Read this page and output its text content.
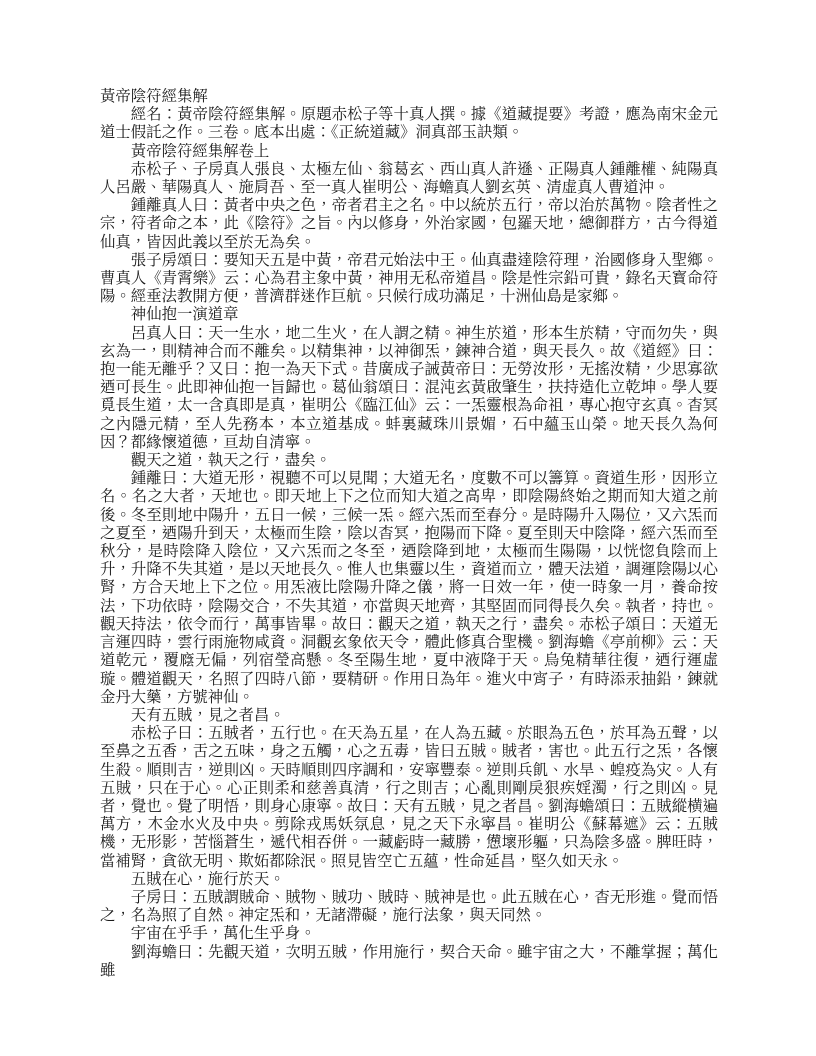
黃帝陰符經集解

經名：黃帝陰符經集解。原題赤松子等十真人撰。據《道藏提要》考證，應為南宋金元道士假託之作。三卷。底本出處：《正統道藏》洞真部玉訣類。

黃帝陰符經集解卷上

赤松子、子房真人張良、太極左仙、翁葛玄、西山真人許遜、正陽真人鍾離權、純陽真人呂嚴、華陽真人、施肩吾、至一真人崔明公、海蟾真人劉玄英、清虚真人曹道沖。

鍾離真人曰：黃者中央之色，帝者君主之名。中以統於五行，帝以治於萬物。陰者性之宗，符者命之本，此《陰符》之旨。內以修身，外治家國，包羅天地，總御群方，古今得道仙真，皆因此義以至於无為矣。

張子房頌曰：要知天五是中黃，帝君元始法中王。仙真盡達陰符理，治國修身入聖鄉。曹真人《青霄樂》云：心為君主象中黃，神用无私帝道昌。陰是性宗鉛可貴，錄名天寳命符陽。經垂法教開方便，普濟群迷作巨航。只候行成功滿足，十洲仙島是家鄉。

神仙抱一演道章

呂真人曰：天一生水，地二生火，在人謂之精。神生於道，形本生於精，守而勿失，與玄為一，則精神合而不離矣。以精集神，以神御炁，鍊神合道，與天長久。故《道經》曰：抱一能无離乎？又曰：抱一為天下式。昔廣成子誡黃帝曰：无勞汝形，无搖汝精，少思寡欲迺可長生。此即神仙抱一旨歸也。葛仙翁頌曰：混沌玄黃啟肇生，扶持造化立乾坤。學人要覓長生道，太一含真即是真，崔明公《臨江仙》云：一炁靈根為命祖，專心抱守玄真。杳冥之內隱元精，至人先務本，本立道基成。蚌裏藏珠川景媚，石中蘊玉山榮。地天長久為何因？都緣懷道德，亘劫自清寧。

觀天之道，執天之行，盡矣。

鍾離曰：大道无形，視聽不可以見聞；大道无名，度數不可以籌算。資道生形，因形立名。名之大者，天地也。即天地上下之位而知大道之高卑，即陰陽終始之期而知大道之前後。冬至則地中陽升，五日一候，三候一炁。經六炁而至春分。是時陽升入陽位，又六炁而之夏至，迺陽升到天，太極而生陰，陰以杳冥，抱陽而下降。夏至則天中陰降，經六炁而至秋分，是時陰降入陰位，又六炁而之冬至，迺陰降到地，太極而生陽陽，以恍惚負陰而上升，升降不失其道，是以天地長久。惟人也集靈以生，資道而立，體天法道，調運陰陽以心腎，方合天地上下之位。用炁液比陰陽升降之儀，將一日效一年，使一時象一月，養命按法，下功依時，陰陽交合，不失其道，亦當與天地齊，其堅固而同得長久矣。執者，持也。觀天持法，依令而行，萬事皆畢。故曰：觀天之道，執天之行，盡矣。赤松子頌曰：天道无言運四時，雲行雨施物咸資。洞觀玄象依天令，體此修真合聖機。劉海蟾《亭前柳》云：天道乾元，覆廕无偏，列宿瑩高懸。冬至陽生地，夏中液降于天。烏兔精華往復，迺行運虛璇。體道觀天，名照了四時八節，要精研。作用日為年。進火中宵子，有時添汞抽鉛，鍊就金丹大藥，方號神仙。

天有五賊，見之者昌。

赤松子曰：五賊者，五行也。在天為五星，在人為五藏。於眼為五色，於耳為五聲，以至鼻之五香，舌之五味，身之五觸，心之五毒，皆曰五賊。賊者，害也。此五行之炁，各懷生殺。順則吉，逆則凶。天時順則四序調和，安寧豐泰。逆則兵飢、水旱、蝗疫為灾。人有五賊，只在于心。心正則柔和慈善真清，行之則吉；心亂則剛戾狠疾婬濁，行之則凶。見者，覺也。覺了明悟，則身心康寧。故曰：天有五賊，見之者昌。劉海蟾頌曰：五賊縱横遍萬方，木金水火及中央。剪除戎馬妖氛息，見之天下永寧昌。崔明公《蘇幕遮》云：五賊機，无形影，苦惱蒼生，遞代相吞併。一藏虧時一藏勝，憊壞形軀，只為陰多盛。脾旺時，當補腎，貪欲无明、欺妬都除泯。照見皆空亡五蘊，性命延昌，堅久如天永。

五賊在心，施行於天。

子房曰：五賊謂賊命、賊物、賊功、賊時、賊神是也。此五賊在心，杳无形進。覺而悟之，名為照了自然。神定炁和，无諸滯礙，施行法象，與天同然。

宇宙在乎手，萬化生乎身。

劉海蟾曰：先觀天道，次明五賊，作用施行，契合天命。雖宇宙之大，不離掌握；萬化雖
